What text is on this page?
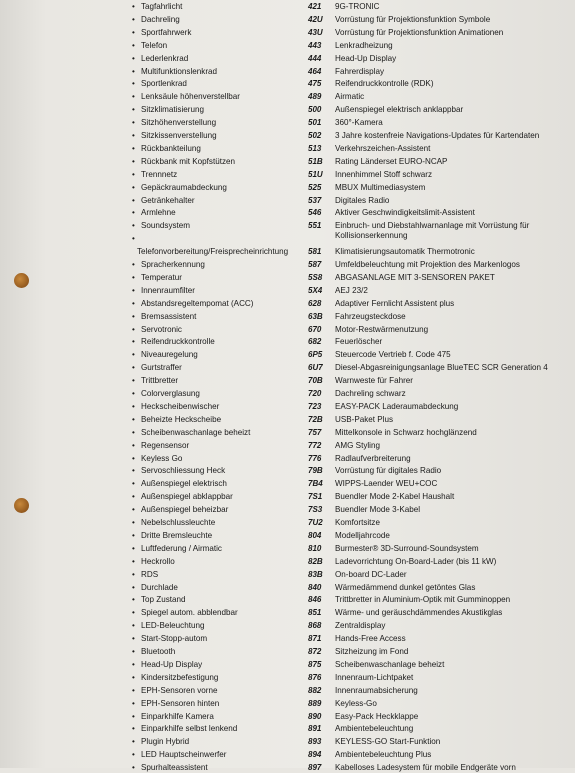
• Tagfahrlicht
• Dachreling
• Sportfahrwerk
• Telefon
• Lederlenkrad
• Multifunktionslenkrad
• Sportlenkrad
• Lenksäule höhenverstellbar
• Sitzklimatisierung
• Sitzhöhenverstellung
• Sitzkissenverstellung
• Rückbankteilung
• Rückbank mit Kopfstützen
• Trennnetz
• Gepäckraumabdeckung
• Getränkehalter
• Armlehne
• Soundsystem
•
Telefonvorbereitung/Freisprecheinrichtung
• Spracherkennung
• Temperatur
• Innenraumfilter
• Abstandsregeltempomat (ACC)
• Bremsassistent
• Servotronic
• Reifendruckkontrolle
• Niveauregelung
• Gurtstraffer
• Trittbretter
• Colorverglasung
• Heckscheibenwischer
• Beheizte Heckscheibe
• Scheibenwaschanlage beheizt
• Regensensor
• Keyless Go
• Servoschliessung Heck
• Außenspiegel elektrisch
• Außenspiegel abklappbar
• Außenspiegel beheizbar
• Nebelschlussleuchte
• Dritte Bremsleuchte
• Luftfederung / Airmatic
• Heckrollo
• RDS
• Durchlade
• Top Zustand
• Spiegel autom. abblendbar
• LED-Beleuchtung
• Start-Stopp-autom
• Bluetooth
• Head-Up Display
• Kindersitzbefestigung
• EPH-Sensoren vorne
• EPH-Sensoren hinten
• Einparkhilfe Kamera
• Einparkhilfe selbst lenkend
• Plugin Hybrid
• LED Hauptscheinwerfer
• Spurhalteassistent
421 9G-TRONIC
42U Vorrüstung für Projektionsfunktion Symbole
43U Vorrüstung für Projektionsfunktion Animationen
443 Lenkradheizung
444 Head-Up Display
464 Fahrerdisplay
475 Reifendruckkontrolle (RDK)
489 Airmatic
500 Außenspiegel elektrisch anklappbar
501 360°-Kamera
502 3 Jahre kostenfreie Navigations-Updates für Kartendaten
513 Verkehrszeichen-Assistent
51B Rating Länderset EURO-NCAP
51U Innenhimmel Stoff schwarz
525 MBUX Multimediasystem
537 Digitales Radio
546 Aktiver Geschwindigkeitslimit-Assistent
551 Einbruch- und Diebstahlwarnanlage mit Vorrüstung für Kollisionserkennung
581 Klimatisierungsautomatik Thermotronic
587 Umfeldbeleuchtung mit Projektion des Markenlogos
5S8 ABGASANLAGE MIT 3-SENSOREN PAKET
5X4 AEJ 23/2
628 Adaptiver Fernlicht Assistent plus
63B Fahrzeugsteckdose
670 Motor-Restwärmenutzung
682 Feuerlöscher
6P5 Steuercode Vertrieb f. Code 475
6U7 Diesel-Abgasreinigungsanlage BlueTEC SCR Generation 4
70B Warnweste für Fahrer
720 Dachreling schwarz
723 EASY-PACK Laderaumabdeckung
72B USB-Paket Plus
757 Mittelkonsole in Schwarz hochglänzend
772 AMG Styling
776 Radlaufverbreiterung
79B Vorrüstung für digitales Radio
7B4 WIPPS-Laender WEU+COC
7S1 Buendler Mode 2-Kabel Haushalt
7S3 Buendler Mode 3-Kabel
7U2 Komfortsitze
804 Modelljahrcode
810 Burmester® 3D-Surround-Soundsystem
82B Ladevorrichtung On-Board-Lader (bis 11 kW)
83B On-board DC-Lader
840 Wärmedämmend dunkel getöntes Glas
846 Trittbretter in Aluminium-Optik mit Gumminoppen
851 Wärme- und geräuschdämmendes Akustikglas
868 Zentraldisplay
871 Hands-Free Access
872 Sitzheizung im Fond
875 Scheibenwaschanlage beheizt
876 Innenraum-Lichtpaket
882 Innenraumabsicherung
889 Keyless-Go
890 Easy-Pack Heckklappe
891 Ambientebeleuchtung
893 KEYLESS-GO Start-Funktion
894 Ambientebeleuchtung Plus
897 Kabelloses Ladesystem für mobile Endgeräte vorn
